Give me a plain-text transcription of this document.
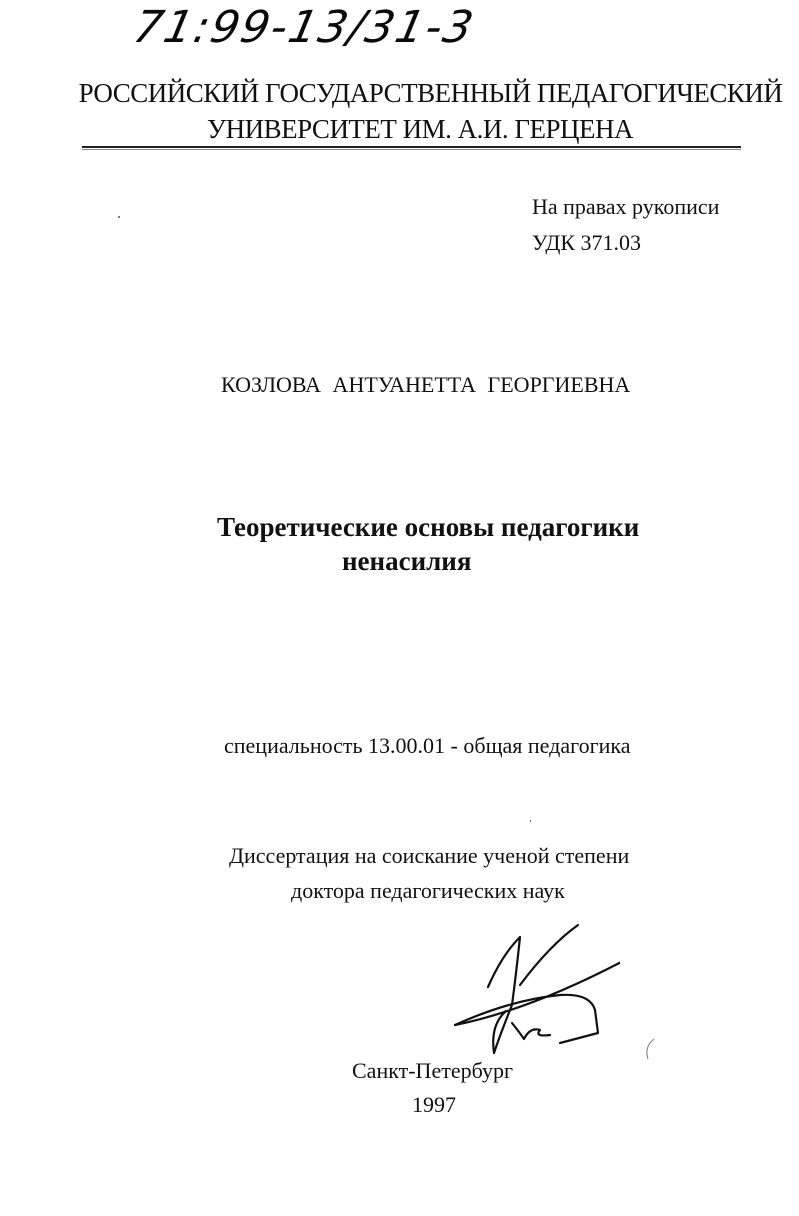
71:99-13/31-3
РОССИЙСКИЙ ГОСУДАРСТВЕННЫЙ ПЕДАГОГИЧЕСКИЙ
УНИВЕРСИТЕТ ИМ. А.И. ГЕРЦЕНА
На правах рукописи
УДК 371.03
КОЗЛОВА АНТУАНЕТТА ГЕОРГИЕВНА
Теоретические основы педагогики
ненасилия
специальность 13.00.01 - общая педагогика
Диссертация на соискание ученой степени
доктора педагогических наук
Санкт-Петербург
1997
